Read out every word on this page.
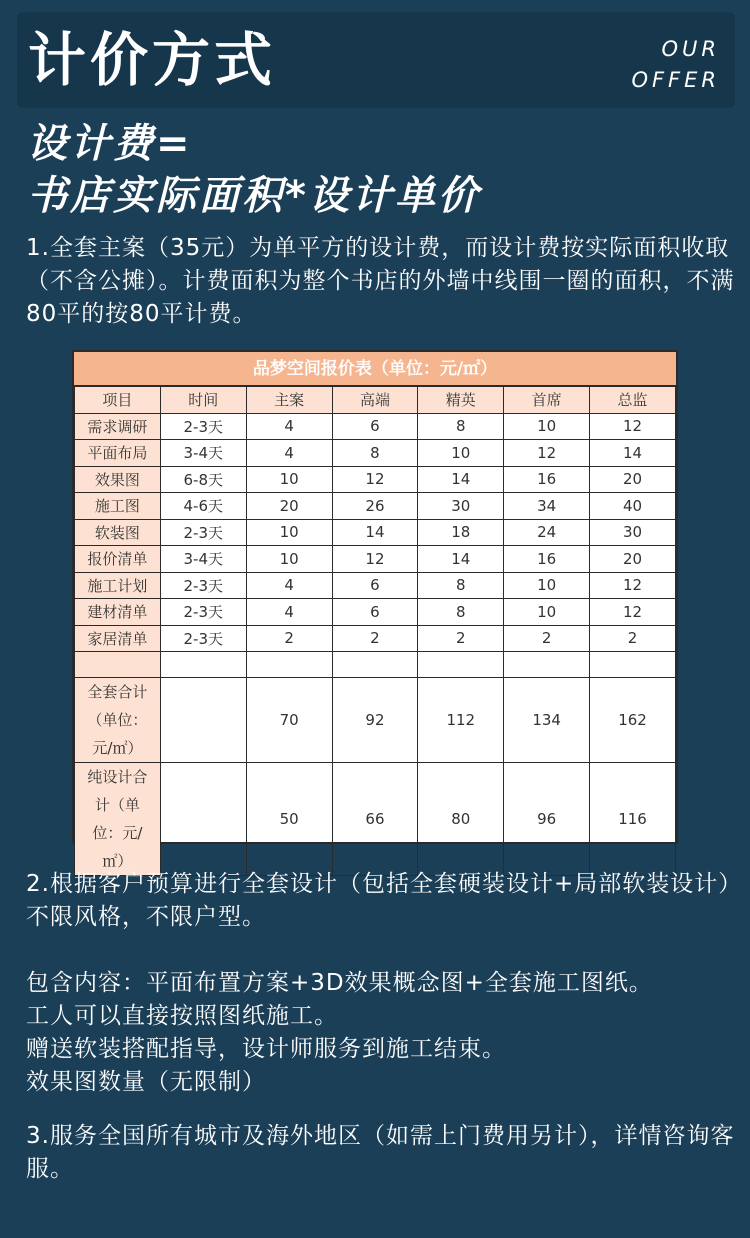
计价方式	OUR
OFFER
设计费=
书店实际面积*设计单价
1.全套主案（35元）为单平方的设计费，而设计费按实际面积收取（不含公摊）。计费面积为整个书店的外墙中线围一圈的面积，不满80平的按80平计费。
品梦空间报价表（单位：元/㎡）
项目	时间	主案	高端	精英	首席	总监
需求调研	2-3天	4	6	8	10	12
平面布局	3-4天	4	8	10	12	14
效果图	6-8天	10	12	14	16	20
施工图	4-6天	20	26	30	34	40
软装图	2-3天	10	14	18	24	30
报价清单	3-4天	10	12	14	16	20
施工计划	2-3天	4	6	8	10	12
建材清单	2-3天	4	6	8	10	12
家居清单	2-3天	2	2	2	2	2

全套合计（单位：元/㎡）		70	92	112	134	162
纯设计合计（单位：元/㎡）		50	66	80	96	116
2.根据客户预算进行全套设计（包括全套硬装设计+局部软装设计）不限风格，不限户型。

包含内容：平面布置方案+3D效果概念图+全套施工图纸。
工人可以直接按照图纸施工。
赠送软装搭配指导，设计师服务到施工结束。
效果图数量（无限制）
3.服务全国所有城市及海外地区（如需上门费用另计），详情咨询客服。
